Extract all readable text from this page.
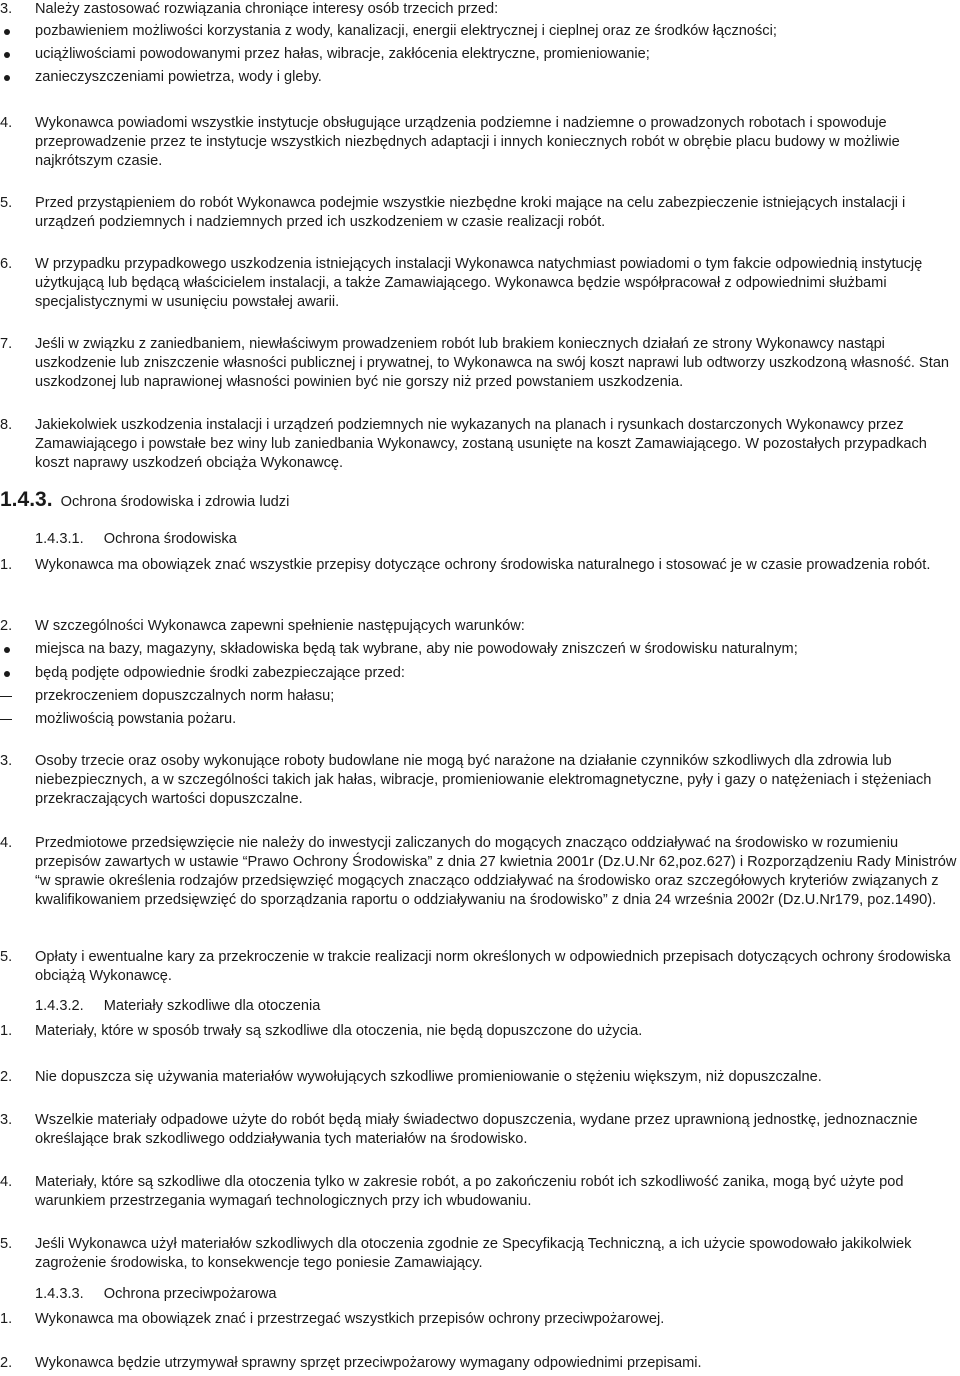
3. Należy zastosować rozwiązania chroniące interesy osób trzecich przed:
pozbawieniem możliwości korzystania z wody, kanalizacji, energii elektrycznej i cieplnej oraz ze środków łączności;
uciążliwościami powodowanymi przez hałas, wibracje, zakłócenia elektryczne, promieniowanie;
zanieczyszczeniami powietrza, wody i gleby.
4. Wykonawca powiadomi wszystkie instytucje obsługujące urządzenia podziemne i nadziemne o prowadzonych robotach i spowoduje przeprowadzenie przez te instytucje wszystkich niezbędnych adaptacji i innych koniecznych robót w obrębie placu budowy w możliwie najkrótszym czasie.
5. Przed przystąpieniem do robót Wykonawca podejmie wszystkie niezbędne kroki mające na celu zabezpieczenie istniejących instalacji i urządzeń podziemnych i nadziemnych przed ich uszkodzeniem w czasie realizacji robót.
6. W przypadku przypadkowego uszkodzenia istniejących instalacji Wykonawca natychmiast powiadomi o tym fakcie odpowiednią instytucję użytkującą lub będącą właścicielem instalacji, a także Zamawiającego. Wykonawca będzie współpracował z odpowiednimi służbami specjalistycznymi w usunięciu powstałej awarii.
7. Jeśli w związku z zaniedbaniem, niewłaściwym prowadzeniem robót lub brakiem koniecznych działań ze strony Wykonawcy nastąpi uszkodzenie lub zniszczenie własności publicznej i prywatnej, to Wykonawca na swój koszt naprawi lub odtworzy uszkodzoną własność. Stan uszkodzonej lub naprawionej własności powinien być nie gorszy niż przed powstaniem uszkodzenia.
8. Jakiekolwiek uszkodzenia instalacji i urządzeń podziemnych nie wykazanych na planach i rysunkach dostarczonych Wykonawcy przez Zamawiającego i powstałe bez winy lub zaniedbania Wykonawcy, zostaną usunięte na koszt Zamawiającego. W pozostałych przypadkach koszt naprawy uszkodzeń obciąża Wykonawcę.
1.4.3. Ochrona środowiska i zdrowia ludzi
1.4.3.1. Ochrona środowiska
1. Wykonawca ma obowiązek znać wszystkie przepisy dotyczące ochrony środowiska naturalnego i stosować je w czasie prowadzenia robót.
2. W szczególności Wykonawca zapewni spełnienie następujących warunków:
miejsca na bazy, magazyny, składowiska będą tak wybrane, aby nie powodowały zniszczeń w środowisku naturalnym;
będą podjęte odpowiednie środki zabezpieczające przed:
przekroczeniem dopuszczalnych norm hałasu;
możliwością powstania pożaru.
3. Osoby trzecie oraz osoby wykonujące roboty budowlane nie mogą być narażone na działanie czynników szkodliwych dla zdrowia lub niebezpiecznych, a w szczególności takich jak hałas, wibracje, promieniowanie elektromagnetyczne, pyły i gazy o natężeniach i stężeniach przekraczających wartości dopuszczalne.
4. Przedmiotowe przedsięwzięcie nie należy do inwestycji zaliczanych do mogących znacząco oddziaływać na środowisko w rozumieniu przepisów zawartych w ustawie “Prawo Ochrony Środowiska” z dnia 27 kwietnia 2001r (Dz.U.Nr 62,poz.627) i Rozporządzeniu Rady Ministrów “w sprawie określenia rodzajów przedsięwzięć mogących znacząco oddziaływać na środowisko oraz szczegółowych kryteriów związanych z kwalifikowaniem przedsięwzięć do sporządzania raportu o oddziaływaniu na środowisko” z dnia 24 września 2002r (Dz.U.Nr179, poz.1490).
5. Opłaty i ewentualne kary za przekroczenie w trakcie realizacji norm określonych w odpowiednich przepisach dotyczących ochrony środowiska obciążą Wykonawcę.
1.4.3.2. Materiały szkodliwe dla otoczenia
1. Materiały, które w sposób trwały są szkodliwe dla otoczenia, nie będą dopuszczone do użycia.
2. Nie dopuszcza się używania materiałów wywołujących szkodliwe promieniowanie o stężeniu większym, niż dopuszczalne.
3. Wszelkie materiały odpadowe użyte do robót będą miały świadectwo dopuszczenia, wydane przez uprawnioną jednostkę, jednoznacznie określające brak szkodliwego oddziaływania tych materiałów na środowisko.
4. Materiały, które są szkodliwe dla otoczenia tylko w zakresie robót, a po zakończeniu robót ich szkodliwość zanika, mogą być użyte pod warunkiem przestrzegania wymagań technologicznych przy ich wbudowaniu.
5. Jeśli Wykonawca użył materiałów szkodliwych dla otoczenia zgodnie ze Specyfikacją Techniczną, a ich użycie spowodowało jakikolwiek zagrożenie środowiska, to konsekwencje tego poniesie Zamawiający.
1.4.3.3. Ochrona przeciwpożarowa
1. Wykonawca ma obowiązek znać i przestrzegać wszystkich przepisów ochrony przeciwpożarowej.
2. Wykonawca będzie utrzymywał sprawny sprzęt przeciwpożarowy wymagany odpowiednimi przepisami.
